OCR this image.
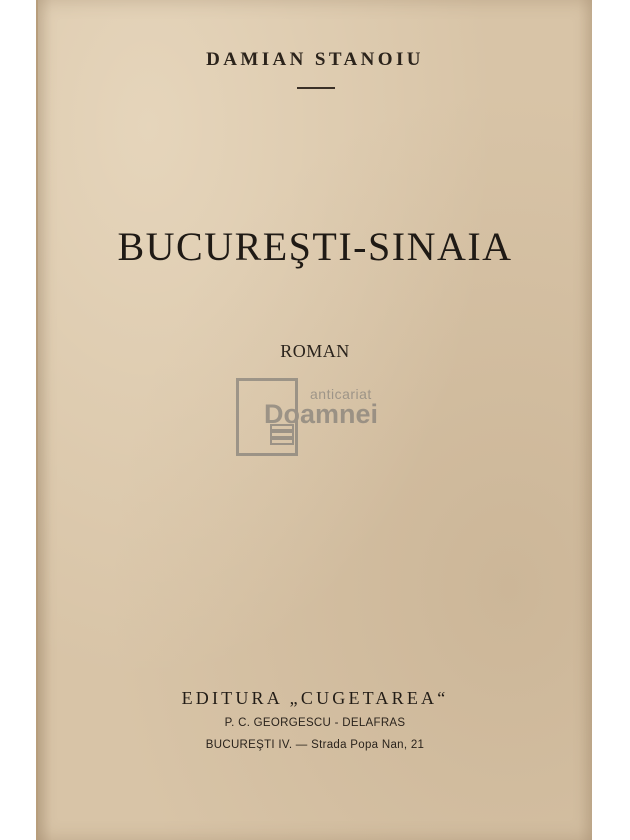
DAMIAN STANOIU
BUCUREŞTI-SINAIA
ROMAN
anticariat
Doamnei
EDITURA „CUGETAREA“
P. C. GEORGESCU - DELAFRAS
BUCUREŞTI IV. — Strada Popa Nan, 21
